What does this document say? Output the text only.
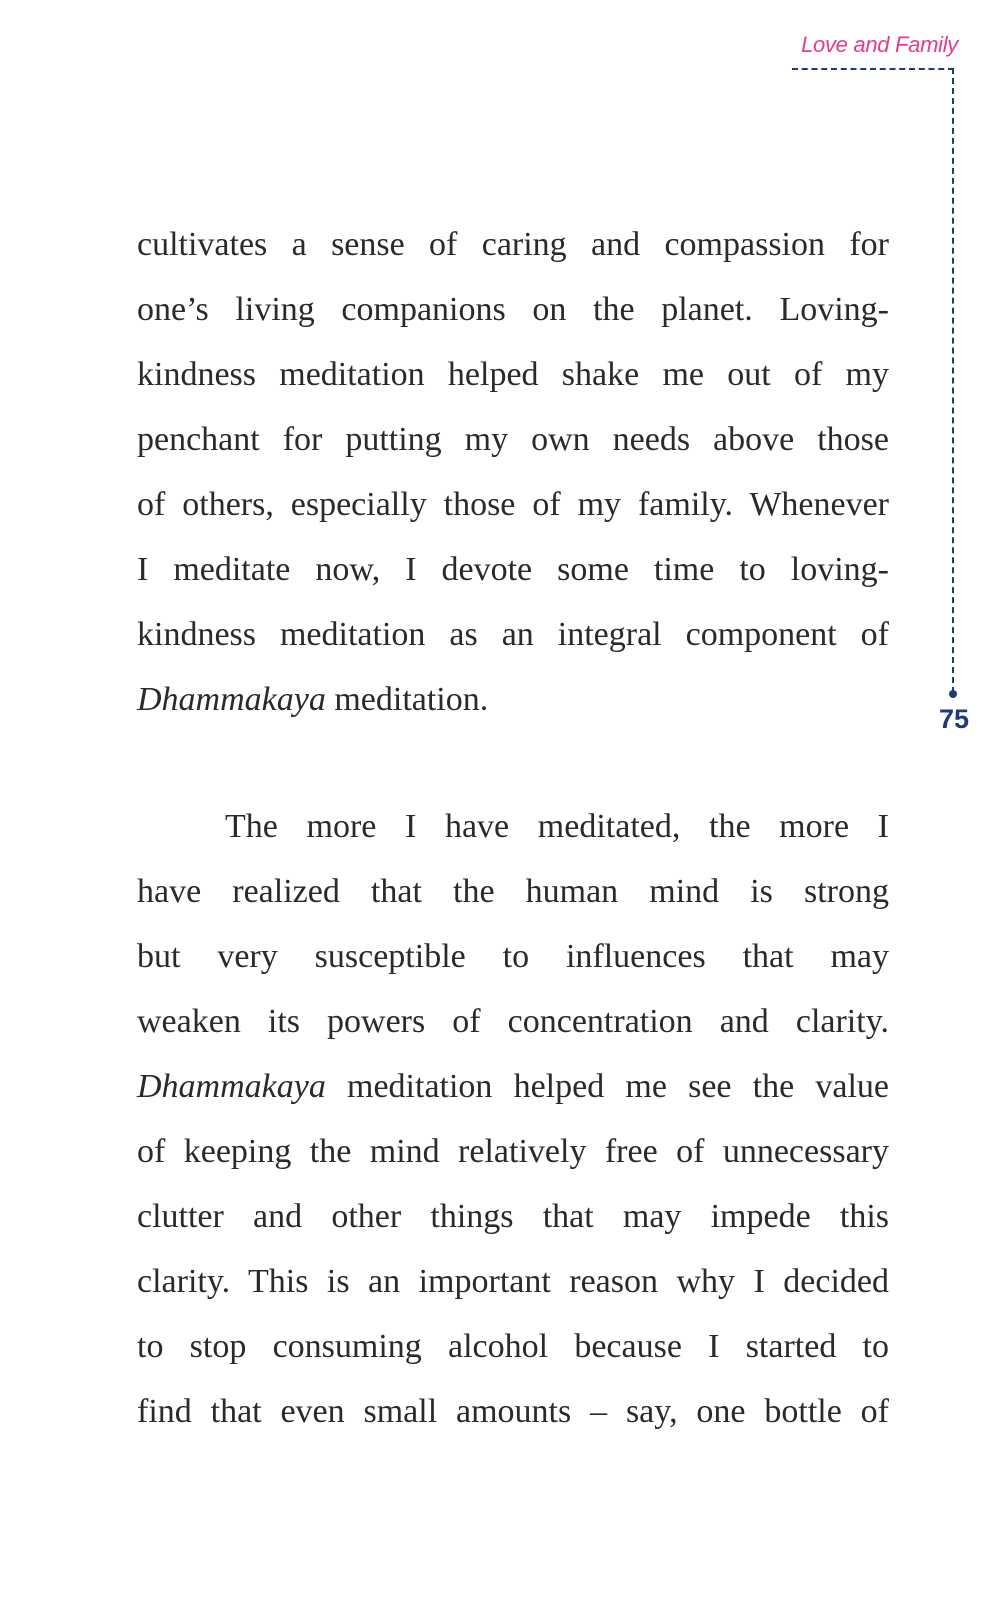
Love and Family
75
cultivates a sense of caring and compassion for
one’s living companions on the planet. Loving-
kindness meditation helped shake me out of my
penchant for putting my own needs above those
of others, especially those of my family. Whenever
I meditate now, I devote some time to loving-
kindness meditation as an integral component of
Dhammakaya meditation.
The more I have meditated, the more I
have realized that the human mind is strong
but very susceptible to influences that may
weaken its powers of concentration and clarity.
Dhammakaya meditation helped me see the value
of keeping the mind relatively free of unnecessary
clutter and other things that may impede this
clarity. This is an important reason why I decided
to stop consuming alcohol because I started to
find that even small amounts – say, one bottle of
